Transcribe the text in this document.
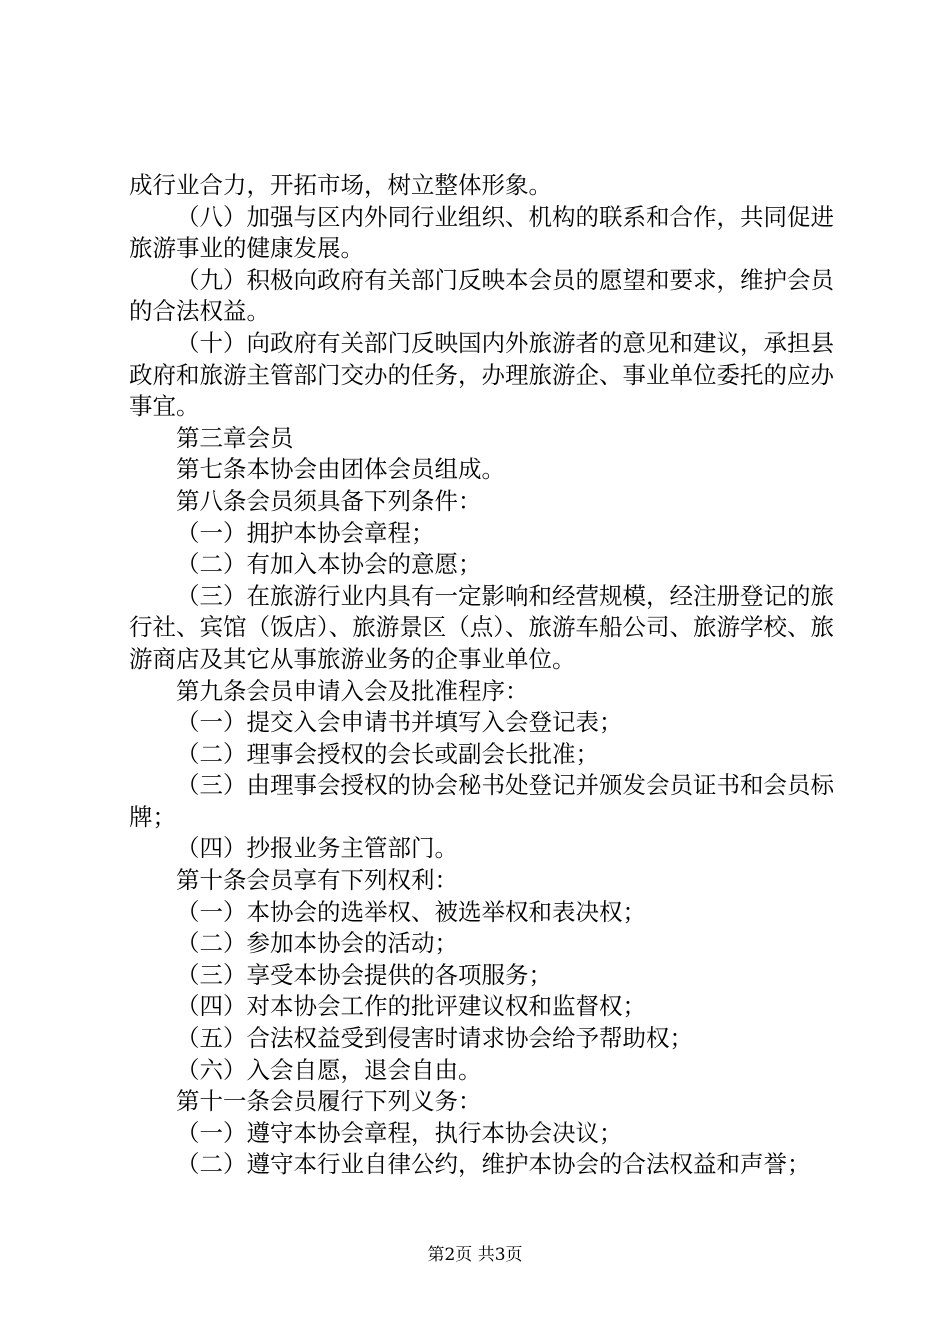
成行业合力，开拓市场，树立整体形象。

（八）加强与区内外同行业组织、机构的联系和合作，共同促进旅游事业的健康发展。

（九）积极向政府有关部门反映本会员的愿望和要求，维护会员的合法权益。

（十）向政府有关部门反映国内外旅游者的意见和建议，承担县政府和旅游主管部门交办的任务，办理旅游企、事业单位委托的应办事宜。

第三章会员

第七条本协会由团体会员组成。

第八条会员须具备下列条件：

（一）拥护本协会章程；

（二）有加入本协会的意愿；

（三）在旅游行业内具有一定影响和经营规模，经注册登记的旅行社、宾馆（饭店）、旅游景区（点）、旅游车船公司、旅游学校、旅游商店及其它从事旅游业务的企事业单位。

第九条会员申请入会及批准程序：

（一）提交入会申请书并填写入会登记表；

（二）理事会授权的会长或副会长批准；

（三）由理事会授权的协会秘书处登记并颁发会员证书和会员标牌；

（四）抄报业务主管部门。

第十条会员享有下列权利：

（一）本协会的选举权、被选举权和表决权；

（二）参加本协会的活动；

（三）享受本协会提供的各项服务；

（四）对本协会工作的批评建议权和监督权；

（五）合法权益受到侵害时请求协会给予帮助权；

（六）入会自愿，退会自由。

第十一条会员履行下列义务：

（一）遵守本协会章程，执行本协会决议；

（二）遵守本行业自律公约，维护本协会的合法权益和声誉；

第2页 共3页
